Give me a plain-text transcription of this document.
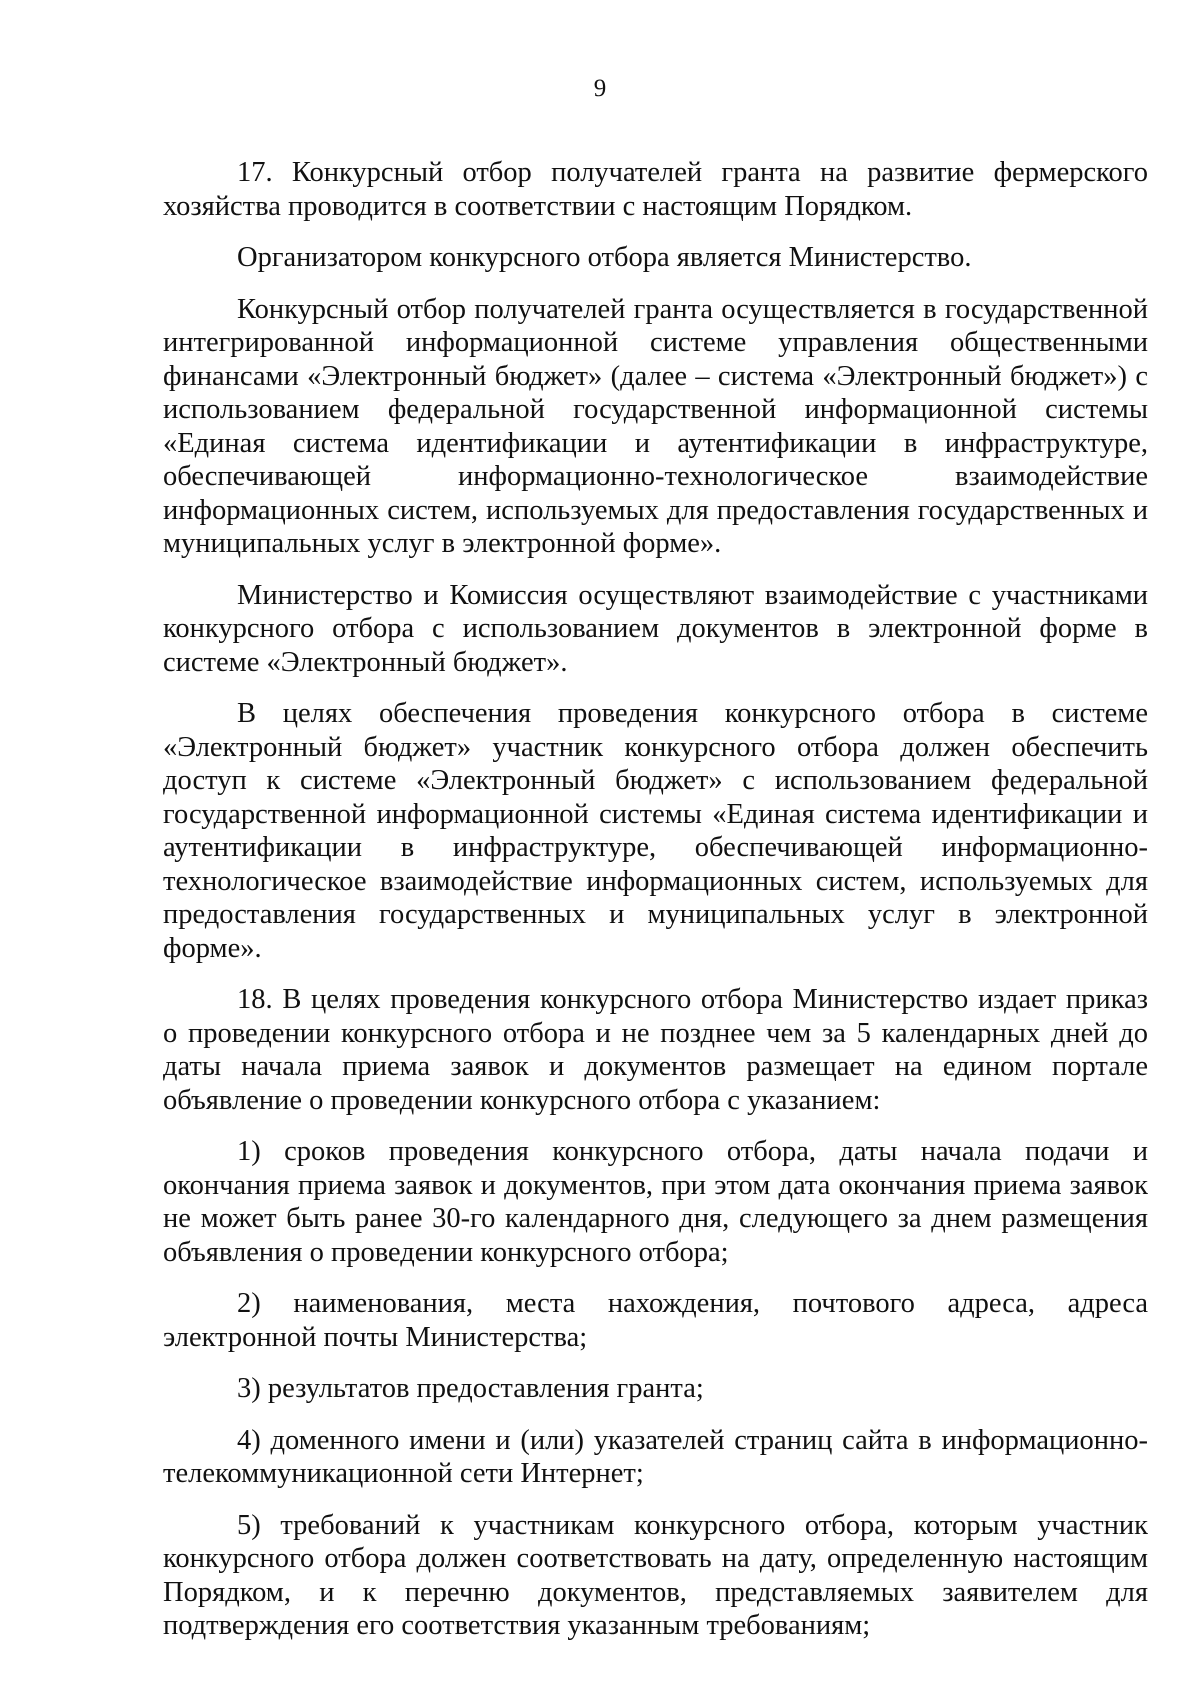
9

17. Конкурсный отбор получателей гранта на развитие фермерского хозяйства проводится в соответствии с настоящим Порядком.

Организатором конкурсного отбора является Министерство.

Конкурсный отбор получателей гранта осуществляется в государственной интегрированной информационной системе управления общественными финансами «Электронный бюджет» (далее – система «Электронный бюджет») с использованием федеральной государственной информационной системы «Единая система идентификации и аутентификации в инфраструктуре, обеспечивающей информационно-технологическое взаимодействие информационных систем, используемых для предоставления государственных и муниципальных услуг в электронной форме».

Министерство и Комиссия осуществляют взаимодействие с участниками конкурсного отбора с использованием документов в электронной форме в системе «Электронный бюджет».

В целях обеспечения проведения конкурсного отбора в системе «Электронный бюджет» участник конкурсного отбора должен обеспечить доступ к системе «Электронный бюджет» с использованием федеральной государственной информационной системы «Единая система идентификации и аутентификации в инфраструктуре, обеспечивающей информационно-технологическое взаимодействие информационных систем, используемых для предоставления государственных и муниципальных услуг в электронной форме».

18. В целях проведения конкурсного отбора Министерство издает приказ о проведении конкурсного отбора и не позднее чем за 5 календарных дней до даты начала приема заявок и документов размещает на едином портале объявление о проведении конкурсного отбора с указанием:

1) сроков проведения конкурсного отбора, даты начала подачи и окончания приема заявок и документов, при этом дата окончания приема заявок не может быть ранее 30-го календарного дня, следующего за днем размещения объявления о проведении конкурсного отбора;

2) наименования, места нахождения, почтового адреса, адреса электронной почты Министерства;

3) результатов предоставления гранта;

4) доменного имени и (или) указателей страниц сайта в информационно-телекоммуникационной сети Интернет;

5) требований к участникам конкурсного отбора, которым участник конкурсного отбора должен соответствовать на дату, определенную настоящим Порядком, и к перечню документов, представляемых заявителем для подтверждения его соответствия указанным требованиям;
